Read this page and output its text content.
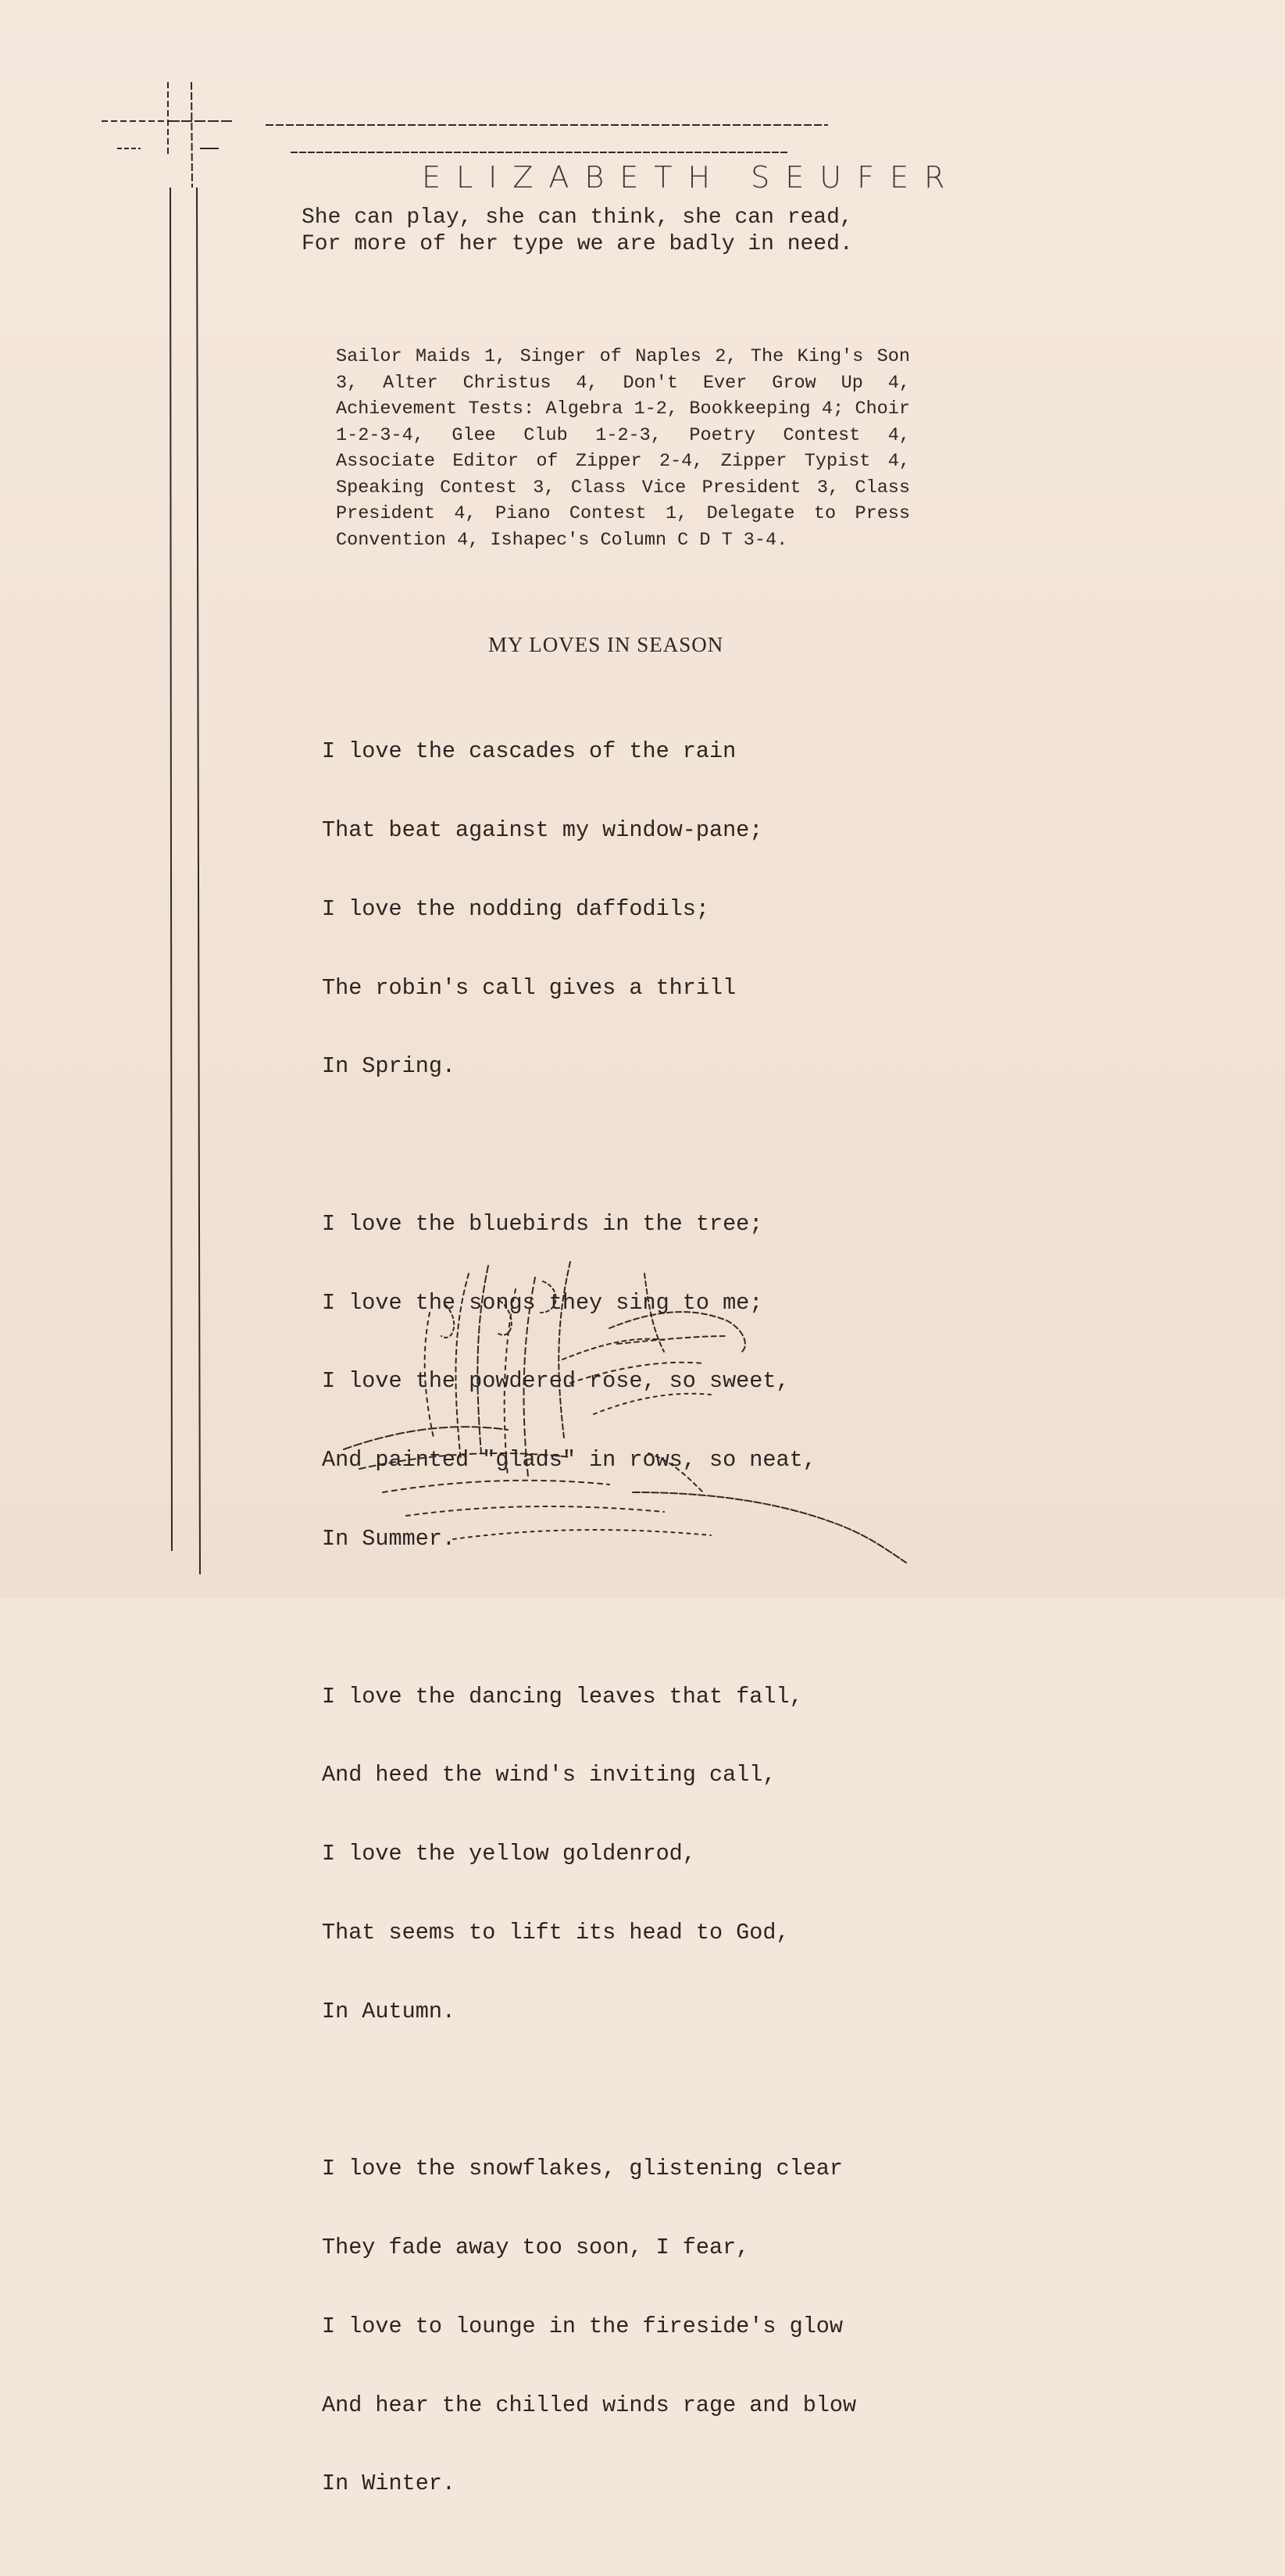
ELIZABETH SEUFER
She can play, she can think, she can read,
For more of her type we are badly in need.
Sailor Maids 1, Singer of Naples 2, The King's Son 3, Alter Christus 4, Don't Ever Grow Up 4, Achievement Tests: Algebra 1-2, Bookkeeping 4; Choir 1-2-3-4, Glee Club 1-2-3, Poetry Contest 4, Associate Editor of Zipper 2-4, Zipper Typist 4, Speaking Contest 3, Class Vice President 3, Class President 4, Piano Contest 1, Delegate to Press Convention 4, Ishapec's Column C D T 3-4.
MY LOVES IN SEASON

I love the cascades of the rain

That beat against my window-pane;

I love the nodding daffodils;

The robin's call gives a thrill

In Spring.

I love the bluebirds in the tree;

I love the songs they sing to me;

I love the powdered rose, so sweet,

And painted "glads" in rows, so neat,

In Summer.

I love the dancing leaves that fall,

And heed the wind's inviting call,

I love the yellow goldenrod,

That seems to lift its head to God,

In Autumn.

I love the snowflakes, glistening clear

They fade away too soon, I fear,

I love to lounge in the fireside's glow

And hear the chilled winds rage and blow

In Winter.
